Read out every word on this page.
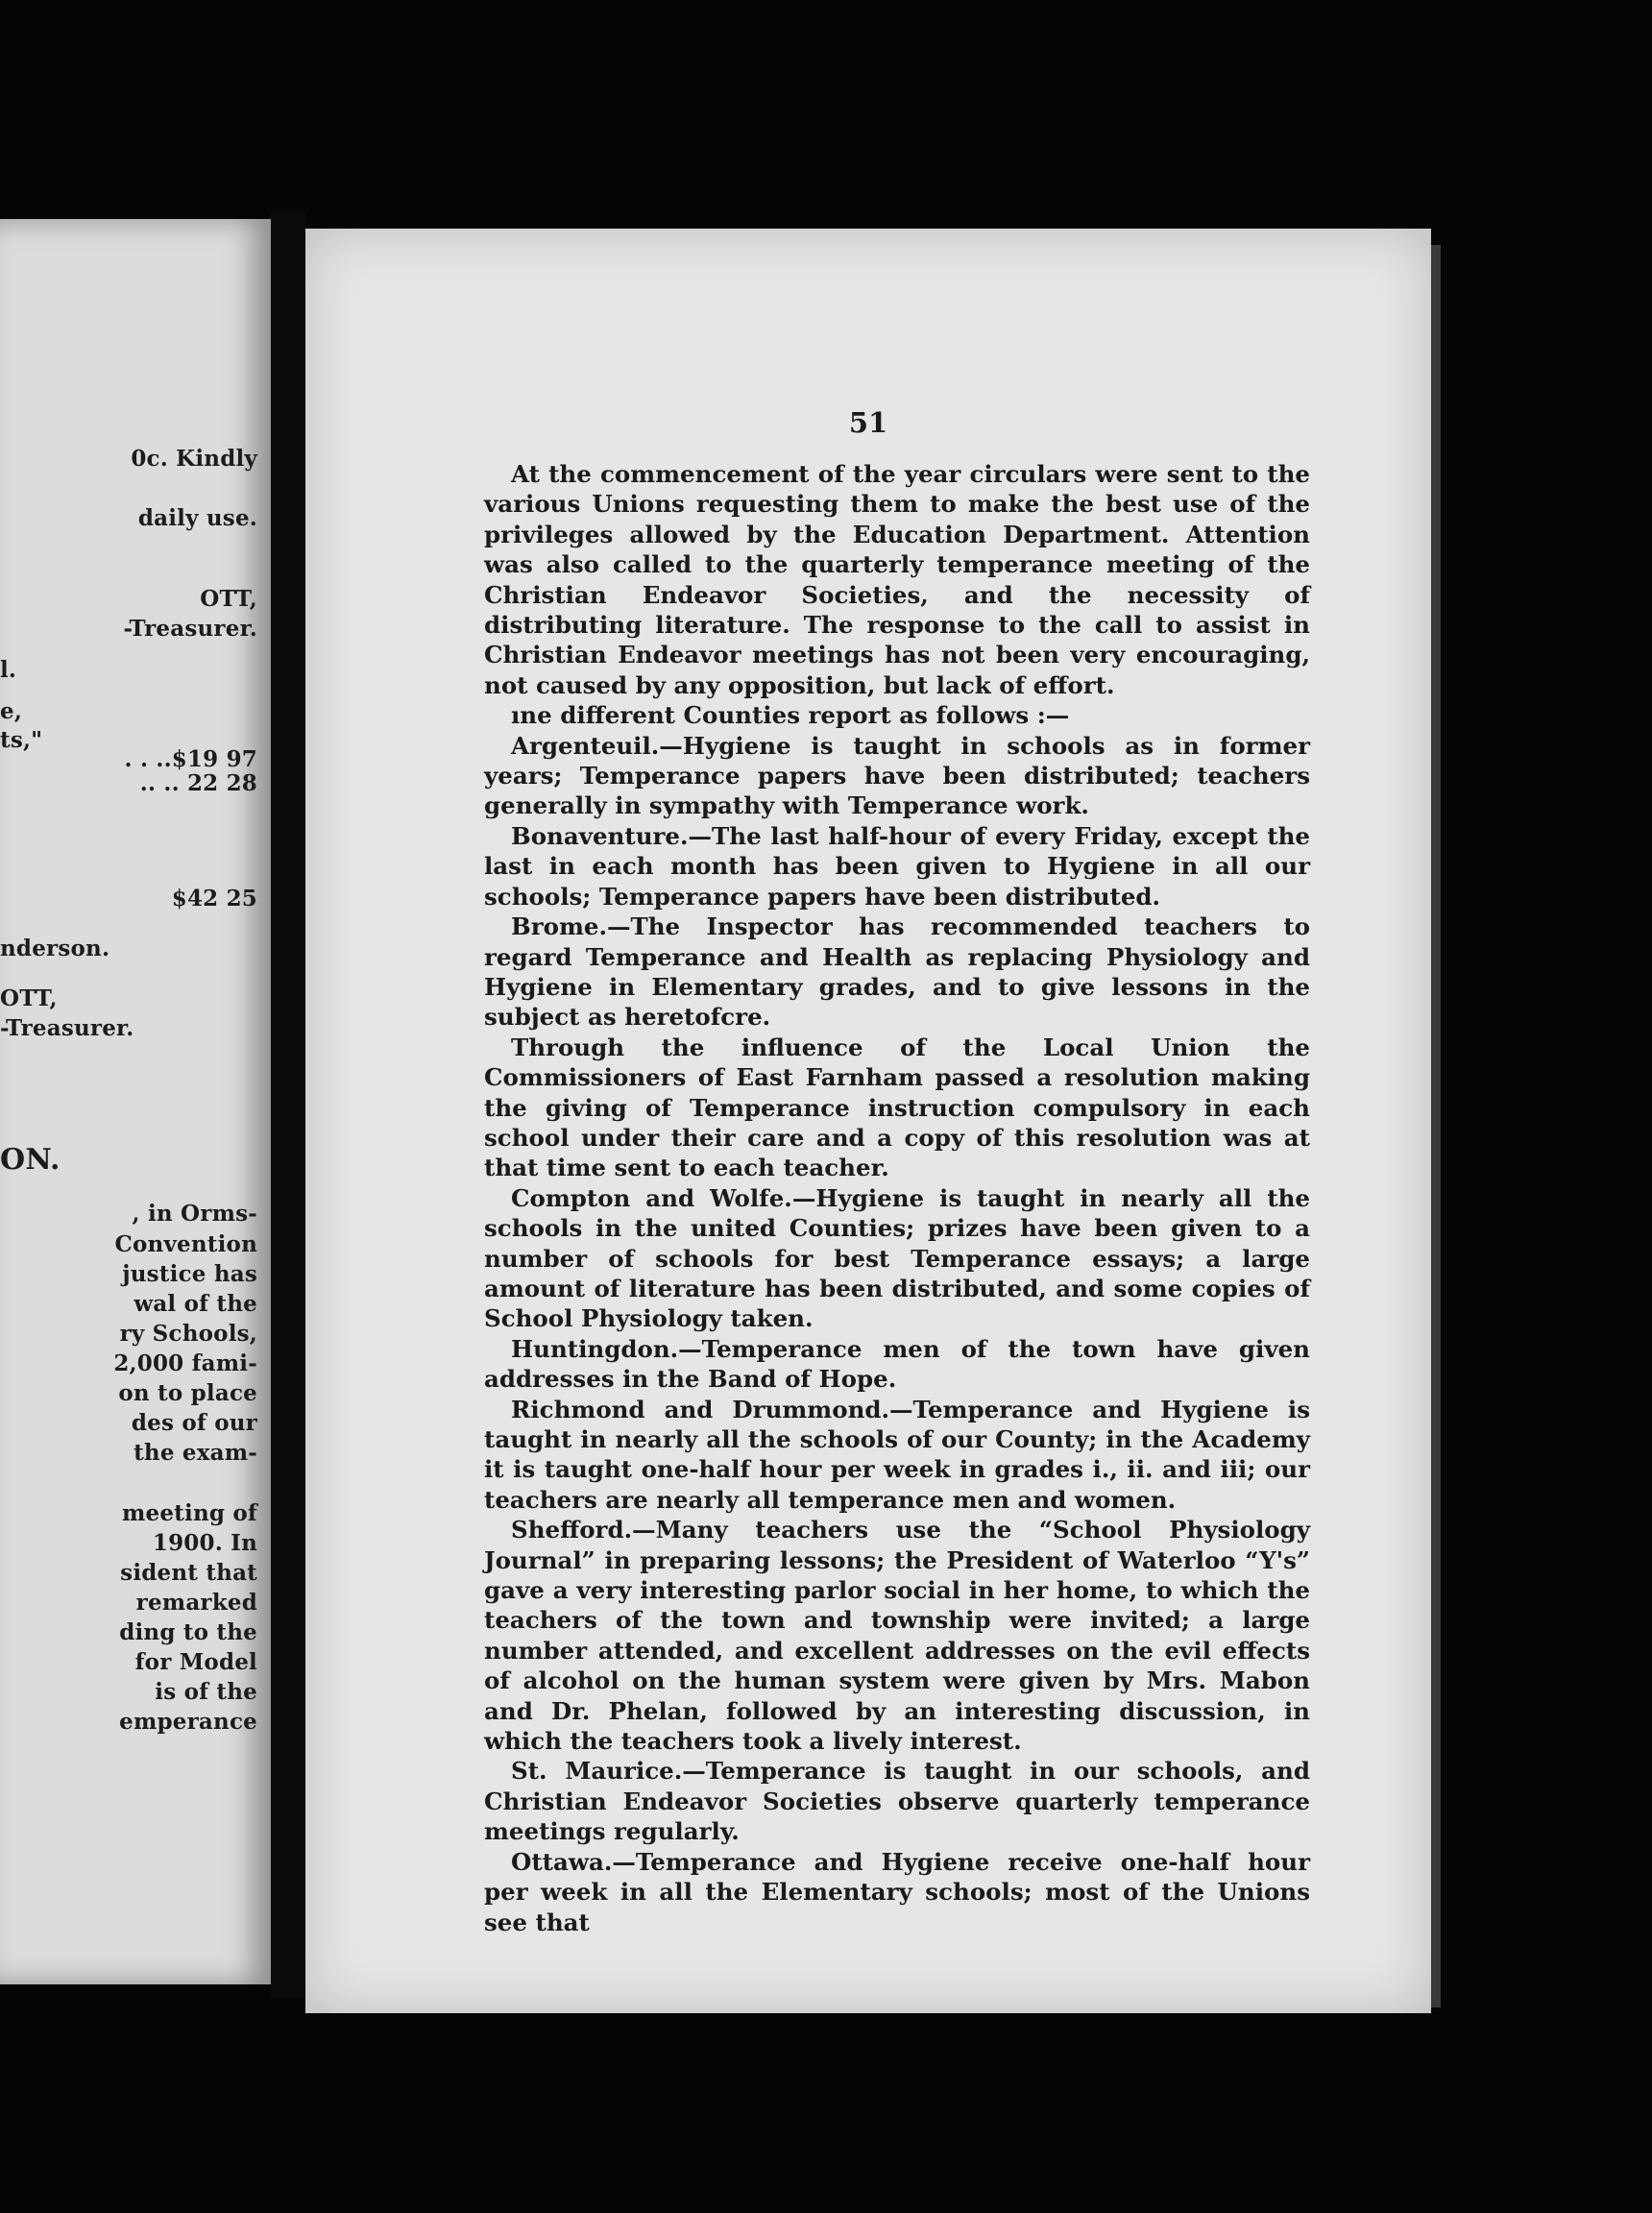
0c. Kindly
daily use.
OTT,
-Treasurer.
l.
e,
ts,"
. . ..$19 97
.. .. 22 28
$42 25
nderson.
OTT,
-Treasurer.
ON.
, in Orms-
Convention
justice has
wal of the
ry Schools,
2,000 fami-
on to place
des of our
the exam-
meeting of
1900. In
sident that
remarked
ding to the
for Model
is of the
emperance
51

At the commencement of the year circulars were sent to the various Unions requesting them to make the best use of the privileges allowed by the Education Department. Attention was also called to the quarterly temperance meeting of the Christian Endeavor Societies, and the necessity of distributing literature. The response to the call to assist in Christian Endeavor meetings has not been very encouraging, not caused by any opposition, but lack of effort.

ıne different Counties report as follows :—

Argenteuil.—Hygiene is taught in schools as in former years; Temperance papers have been distributed; teachers generally in sympathy with Temperance work.

Bonaventure.—The last half-hour of every Friday, except the last in each month has been given to Hygiene in all our schools; Temperance papers have been distributed.

Brome.—The Inspector has recommended teachers to regard Temperance and Health as replacing Physiology and Hygiene in Elementary grades, and to give lessons in the subject as heretofcre.

Through the influence of the Local Union the Commissioners of East Farnham passed a resolution making the giving of Temperance instruction compulsory in each school under their care and a copy of this resolution was at that time sent to each teacher.

Compton and Wolfe.—Hygiene is taught in nearly all the schools in the united Counties; prizes have been given to a number of schools for best Temperance essays; a large amount of literature has been distributed, and some copies of School Physiology taken.

Huntingdon.—Temperance men of the town have given addresses in the Band of Hope.

Richmond and Drummond.—Temperance and Hygiene is taught in nearly all the schools of our County; in the Academy it is taught one-half hour per week in grades i., ii. and iii; our teachers are nearly all temperance men and women.

Shefford.—Many teachers use the “School Physiology Journal” in preparing lessons; the President of Waterloo “Y's” gave a very interesting parlor social in her home, to which the teachers of the town and township were invited; a large number attended, and excellent addresses on the evil effects of alcohol on the human system were given by Mrs. Mabon and Dr. Phelan, followed by an interesting discussion, in which the teachers took a lively interest.

St. Maurice.—Temperance is taught in our schools, and Christian Endeavor Societies observe quarterly temperance meetings regularly.

Ottawa.—Temperance and Hygiene receive one-half hour per week in all the Elementary schools; most of the Unions see that
